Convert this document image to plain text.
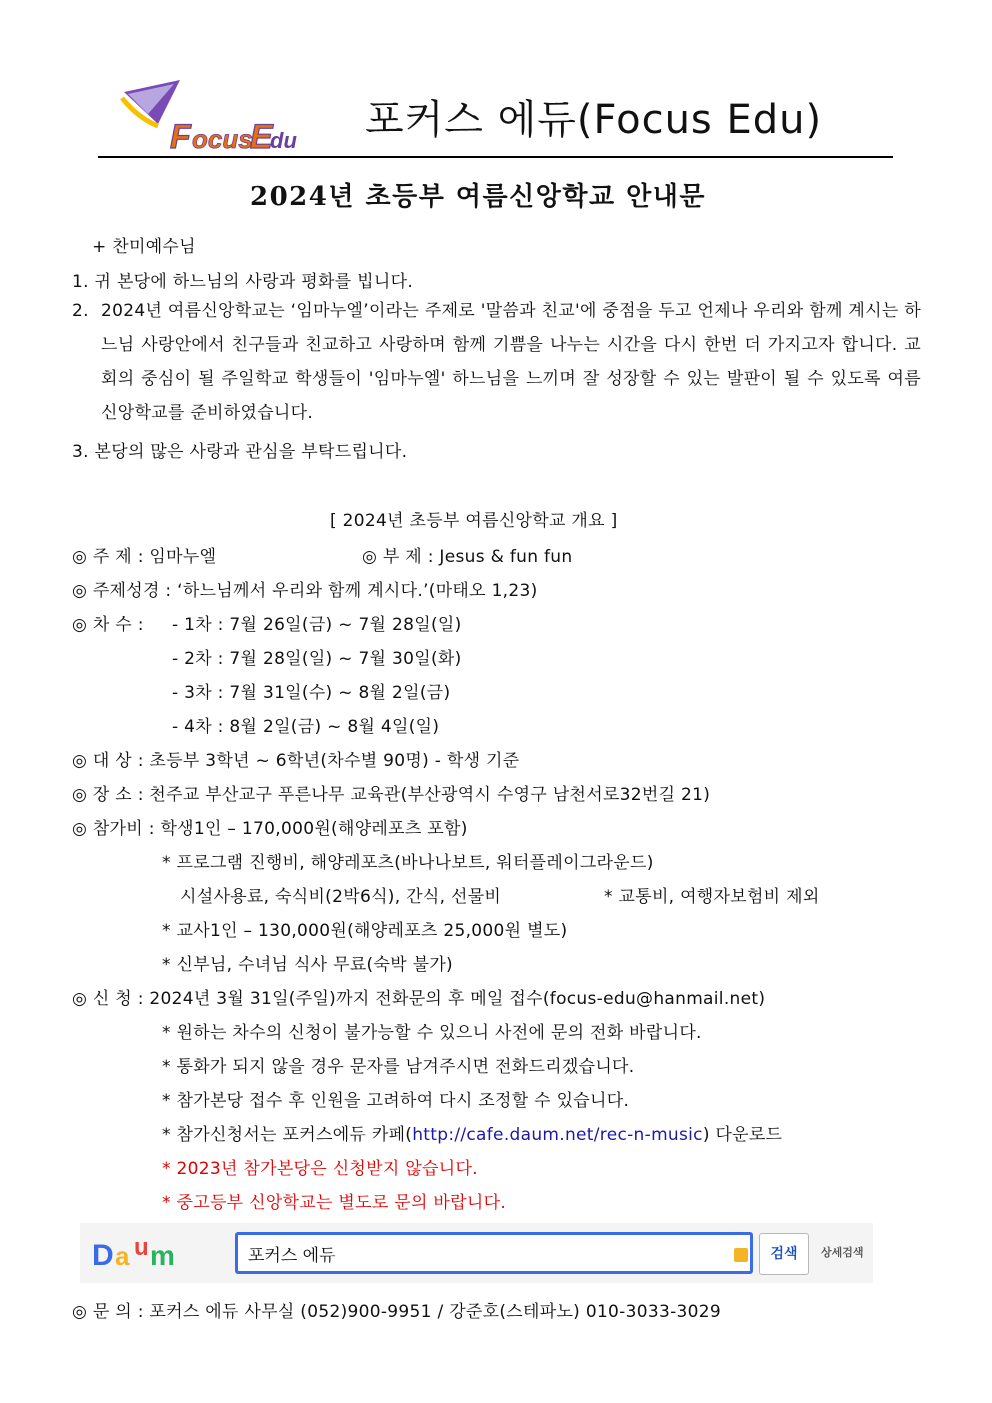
F ocus
E
du 포커스 에듀(Focus Edu)
2024년 초등부 여름신앙학교 안내문
+ 찬미예수님
1. 귀 본당에 하느님의 사랑과 평화를 빕니다.
2. 2024년 여름신앙학교는 ‘임마누엘’이라는 주제로 '말씀과 친교'에 중점을 두고 언제나 우리와 함께 계시는 하느님 사랑안에서 친구들과 친교하고 사랑하며 함께 기쁨을 나누는 시간을 다시 한번 더 가지고자 합니다. 교회의 중심이 될 주일학교 학생들이 '임마누엘' 하느님을 느끼며 잘 성장할 수 있는 발판이 될 수 있도록 여름신앙학교를 준비하였습니다.
3. 본당의 많은 사랑과 관심을 부탁드립니다.
[ 2024년 초등부 여름신앙학교 개요 ]
◎ 주 제 : 임마누엘	◎ 부 제 : Jesus & fun fun
◎ 주제성경 : ‘하느님께서 우리와 함께 계시다.’(마태오 1,23)
◎ 차 수 : - 1차 : 7월 26일(금) ~ 7월 28일(일)
- 2차 : 7월 28일(일) ~ 7월 30일(화)
- 3차 : 7월 31일(수) ~ 8월 2일(금)
- 4차 : 8월 2일(금) ~ 8월 4일(일)
◎ 대 상 : 초등부 3학년 ~ 6학년(차수별 90명) - 학생 기준
◎ 장 소 : 천주교 부산교구 푸른나무 교육관(부산광역시 수영구 남천서로32번길 21)
◎ 참가비 : 학생1인 – 170,000원(해양레포츠 포함)
* 프로그램 진행비, 해양레포츠(바나나보트, 워터플레이그라운드)
시설사용료, 숙식비(2박6식), 간식, 선물비	* 교통비, 여행자보험비 제외
* 교사1인 – 130,000원(해양레포츠 25,000원 별도)
* 신부님, 수녀님 식사 무료(숙박 불가)
◎ 신 청 : 2024년 3월 31일(주일)까지 전화문의 후 메일 접수(focus-edu@hanmail.net)
* 원하는 차수의 신청이 불가능할 수 있으니 사전에 문의 전화 바랍니다.
* 통화가 되지 않을 경우 문자를 남겨주시면 전화드리겠습니다.
* 참가본당 접수 후 인원을 고려하여 다시 조정할 수 있습니다.
* 참가신청서는 포커스에듀 카페(http://cafe.daum.net/rec-n-music) 다운로드
* 2023년 참가본당은 신청받지 않습니다.
* 중고등부 신앙학교는 별도로 문의 바랍니다.
D a u m	포커스 에듀	검색	상세검색
◎ 문 의 : 포커스 에듀 사무실 (052)900-9951 / 강준호(스테파노) 010-3033-3029
